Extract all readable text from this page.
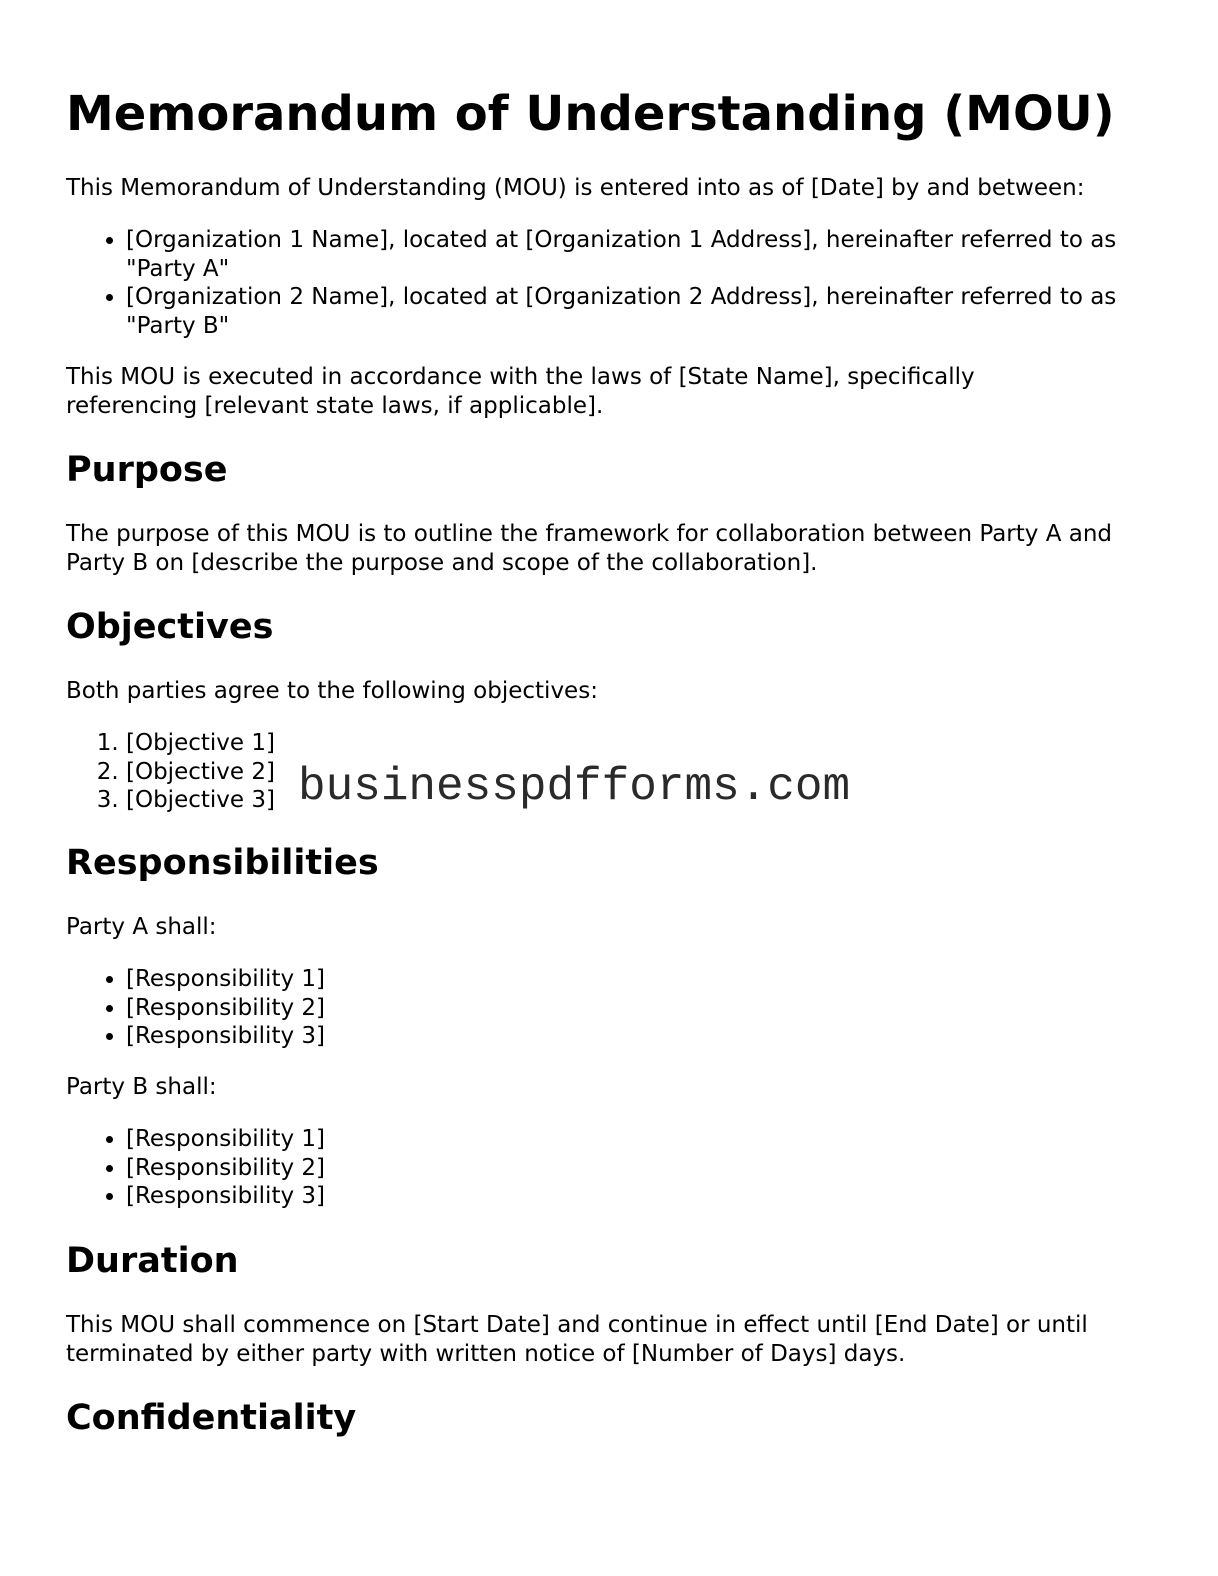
Memorandum of Understanding (MOU)

This Memorandum of Understanding (MOU) is entered into as of [Date] by and between:

• [Organization 1 Name], located at [Organization 1 Address], hereinafter referred to as "Party A"
• [Organization 2 Name], located at [Organization 2 Address], hereinafter referred to as "Party B"

This MOU is executed in accordance with the laws of [State Name], specifically referencing [relevant state laws, if applicable].

Purpose

The purpose of this MOU is to outline the framework for collaboration between Party A and Party B on [describe the purpose and scope of the collaboration].

Objectives

Both parties agree to the following objectives:

1. [Objective 1]
2. [Objective 2]
3. [Objective 3]
Responsibilities

Party A shall:

• [Responsibility 1]
• [Responsibility 2]
• [Responsibility 3]

Party B shall:

• [Responsibility 1]
• [Responsibility 2]
• [Responsibility 3]
Duration

This MOU shall commence on [Start Date] and continue in effect until [End Date] or until terminated by either party with written notice of [Number of Days] days.

Confidentiality
businesspdfforms.com
